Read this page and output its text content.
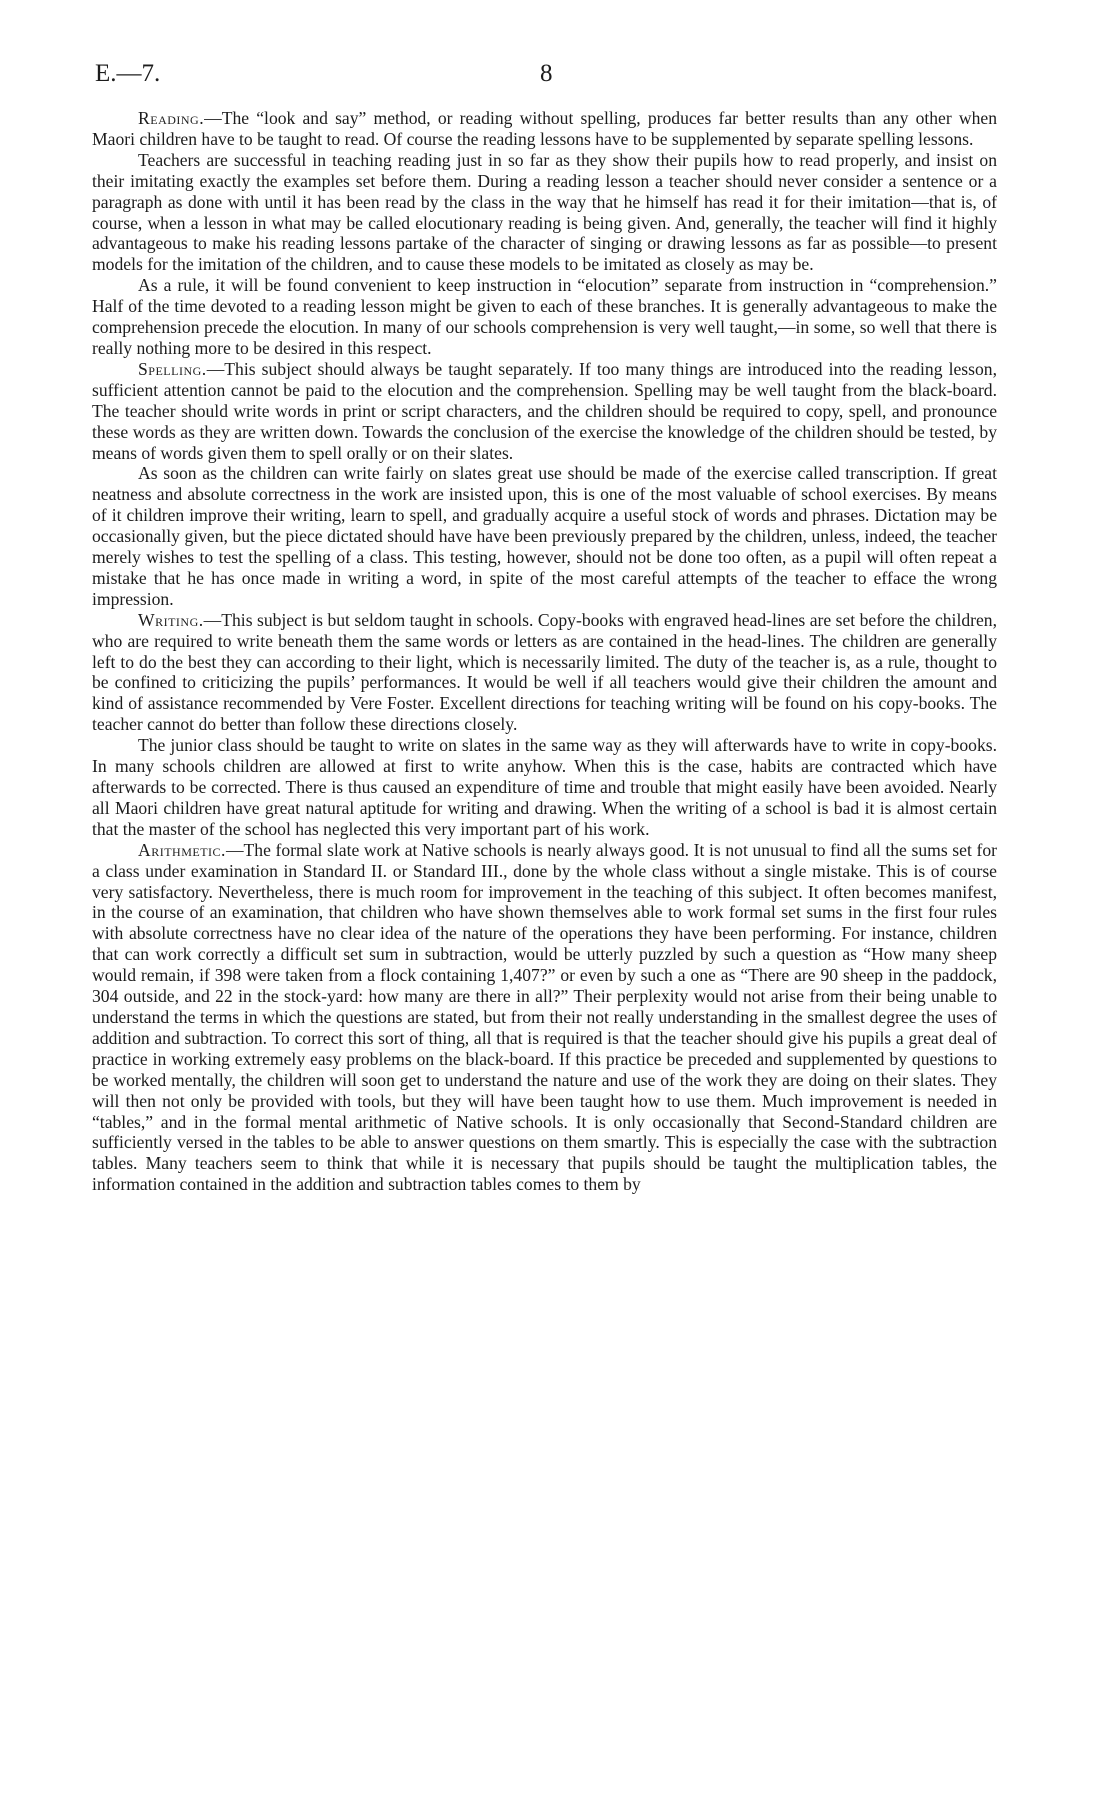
E.—7.	8

Reading.—The “look and say” method, or reading without spelling, produces far better results than any other when Maori children have to be taught to read. Of course the reading lessons have to be supplemented by separate spelling lessons.

Teachers are successful in teaching reading just in so far as they show their pupils how to read properly, and insist on their imitating exactly the examples set before them. During a reading lesson a teacher should never consider a sentence or a paragraph as done with until it has been read by the class in the way that he himself has read it for their imitation—that is, of course, when a lesson in what may be called elocutionary reading is being given. And, generally, the teacher will find it highly advantageous to make his reading lessons partake of the character of singing or drawing lessons as far as possible—to present models for the imitation of the children, and to cause these models to be imitated as closely as may be.

As a rule, it will be found convenient to keep instruction in “elocution” separate from instruction in “comprehension.” Half of the time devoted to a reading lesson might be given to each of these branches. It is generally advantageous to make the comprehension precede the elocution. In many of our schools comprehension is very well taught,—in some, so well that there is really nothing more to be desired in this respect.

Spelling.—This subject should always be taught separately. If too many things are introduced into the reading lesson, sufficient attention cannot be paid to the elocution and the comprehension. Spelling may be well taught from the black-board. The teacher should write words in print or script characters, and the children should be required to copy, spell, and pronounce these words as they are written down. Towards the conclusion of the exercise the knowledge of the children should be tested, by means of words given them to spell orally or on their slates.

As soon as the children can write fairly on slates great use should be made of the exercise called transcription. If great neatness and absolute correctness in the work are insisted upon, this is one of the most valuable of school exercises. By means of it children improve their writing, learn to spell, and gradually acquire a useful stock of words and phrases. Dictation may be occasionally given, but the piece dictated should have have been previously prepared by the children, unless, indeed, the teacher merely wishes to test the spelling of a class. This testing, however, should not be done too often, as a pupil will often repeat a mistake that he has once made in writing a word, in spite of the most careful attempts of the teacher to efface the wrong impression.

Writing.—This subject is but seldom taught in schools. Copy-books with engraved head-lines are set before the children, who are required to write beneath them the same words or letters as are contained in the head-lines. The children are generally left to do the best they can according to their light, which is necessarily limited. The duty of the teacher is, as a rule, thought to be confined to criticizing the pupils’ performances. It would be well if all teachers would give their children the amount and kind of assistance recommended by Vere Foster. Excellent directions for teaching writing will be found on his copy-books. The teacher cannot do better than follow these directions closely.

The junior class should be taught to write on slates in the same way as they will afterwards have to write in copy-books. In many schools children are allowed at first to write anyhow. When this is the case, habits are contracted which have afterwards to be corrected. There is thus caused an expenditure of time and trouble that might easily have been avoided. Nearly all Maori children have great natural aptitude for writing and drawing. When the writing of a school is bad it is almost certain that the master of the school has neglected this very important part of his work.

Arithmetic.—The formal slate work at Native schools is nearly always good. It is not unusual to find all the sums set for a class under examination in Standard II. or Standard III., done by the whole class without a single mistake. This is of course very satisfactory. Nevertheless, there is much room for improvement in the teaching of this subject. It often becomes manifest, in the course of an examination, that children who have shown themselves able to work formal set sums in the first four rules with absolute correctness have no clear idea of the nature of the operations they have been performing. For instance, children that can work correctly a difficult set sum in subtraction, would be utterly puzzled by such a question as “How many sheep would remain, if 398 were taken from a flock containing 1,407?” or even by such a one as “There are 90 sheep in the paddock, 304 outside, and 22 in the stock-yard: how many are there in all?” Their perplexity would not arise from their being unable to understand the terms in which the questions are stated, but from their not really understanding in the smallest degree the uses of addition and subtraction. To correct this sort of thing, all that is required is that the teacher should give his pupils a great deal of practice in working extremely easy problems on the black-board. If this practice be preceded and supplemented by questions to be worked mentally, the children will soon get to understand the nature and use of the work they are doing on their slates. They will then not only be provided with tools, but they will have been taught how to use them. Much improvement is needed in “tables,” and in the formal mental arithmetic of Native schools. It is only occasionally that Second-Standard children are sufficiently versed in the tables to be able to answer questions on them smartly. This is especially the case with the subtraction tables. Many teachers seem to think that while it is necessary that pupils should be taught the multiplication tables, the information contained in the addition and subtraction tables comes to them by
